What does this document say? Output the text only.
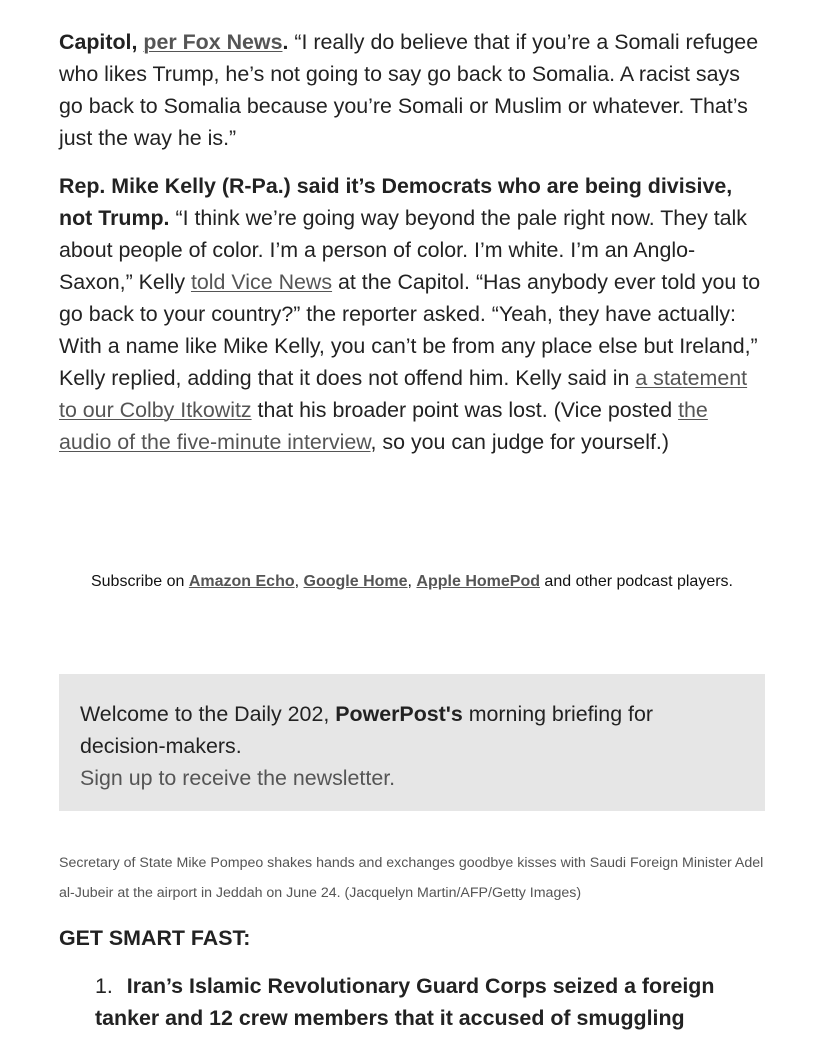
Capitol, per Fox News. “I really do believe that if you’re a Somali refugee who likes Trump, he’s not going to say go back to Somalia. A racist says go back to Somalia because you’re Somali or Muslim or whatever. That’s just the way he is.”

Rep. Mike Kelly (R-Pa.) said it’s Democrats who are being divisive, not Trump. “I think we’re going way beyond the pale right now. They talk about people of color. I’m a person of color. I’m white. I’m an Anglo-Saxon,” Kelly told Vice News at the Capitol. “Has anybody ever told you to go back to your country?” the reporter asked. “Yeah, they have actually: With a name like Mike Kelly, you can’t be from any place else but Ireland,” Kelly replied, adding that it does not offend him. Kelly said in a statement to our Colby Itkowitz that his broader point was lost. (Vice posted the audio of the five-minute interview, so you can judge for yourself.)

Subscribe on Amazon Echo, Google Home, Apple HomePod and other podcast players.
Welcome to the Daily 202, PowerPost's morning briefing for decision-makers.
Sign up to receive the newsletter.
Secretary of State Mike Pompeo shakes hands and exchanges goodbye kisses with Saudi Foreign Minister Adel al-Jubeir at the airport in Jeddah on June 24. (Jacquelyn Martin/AFP/Getty Images)
GET SMART FAST:
1. Iran’s Islamic Revolutionary Guard Corps seized a foreign tanker and 12 crew members that it accused of smuggling
